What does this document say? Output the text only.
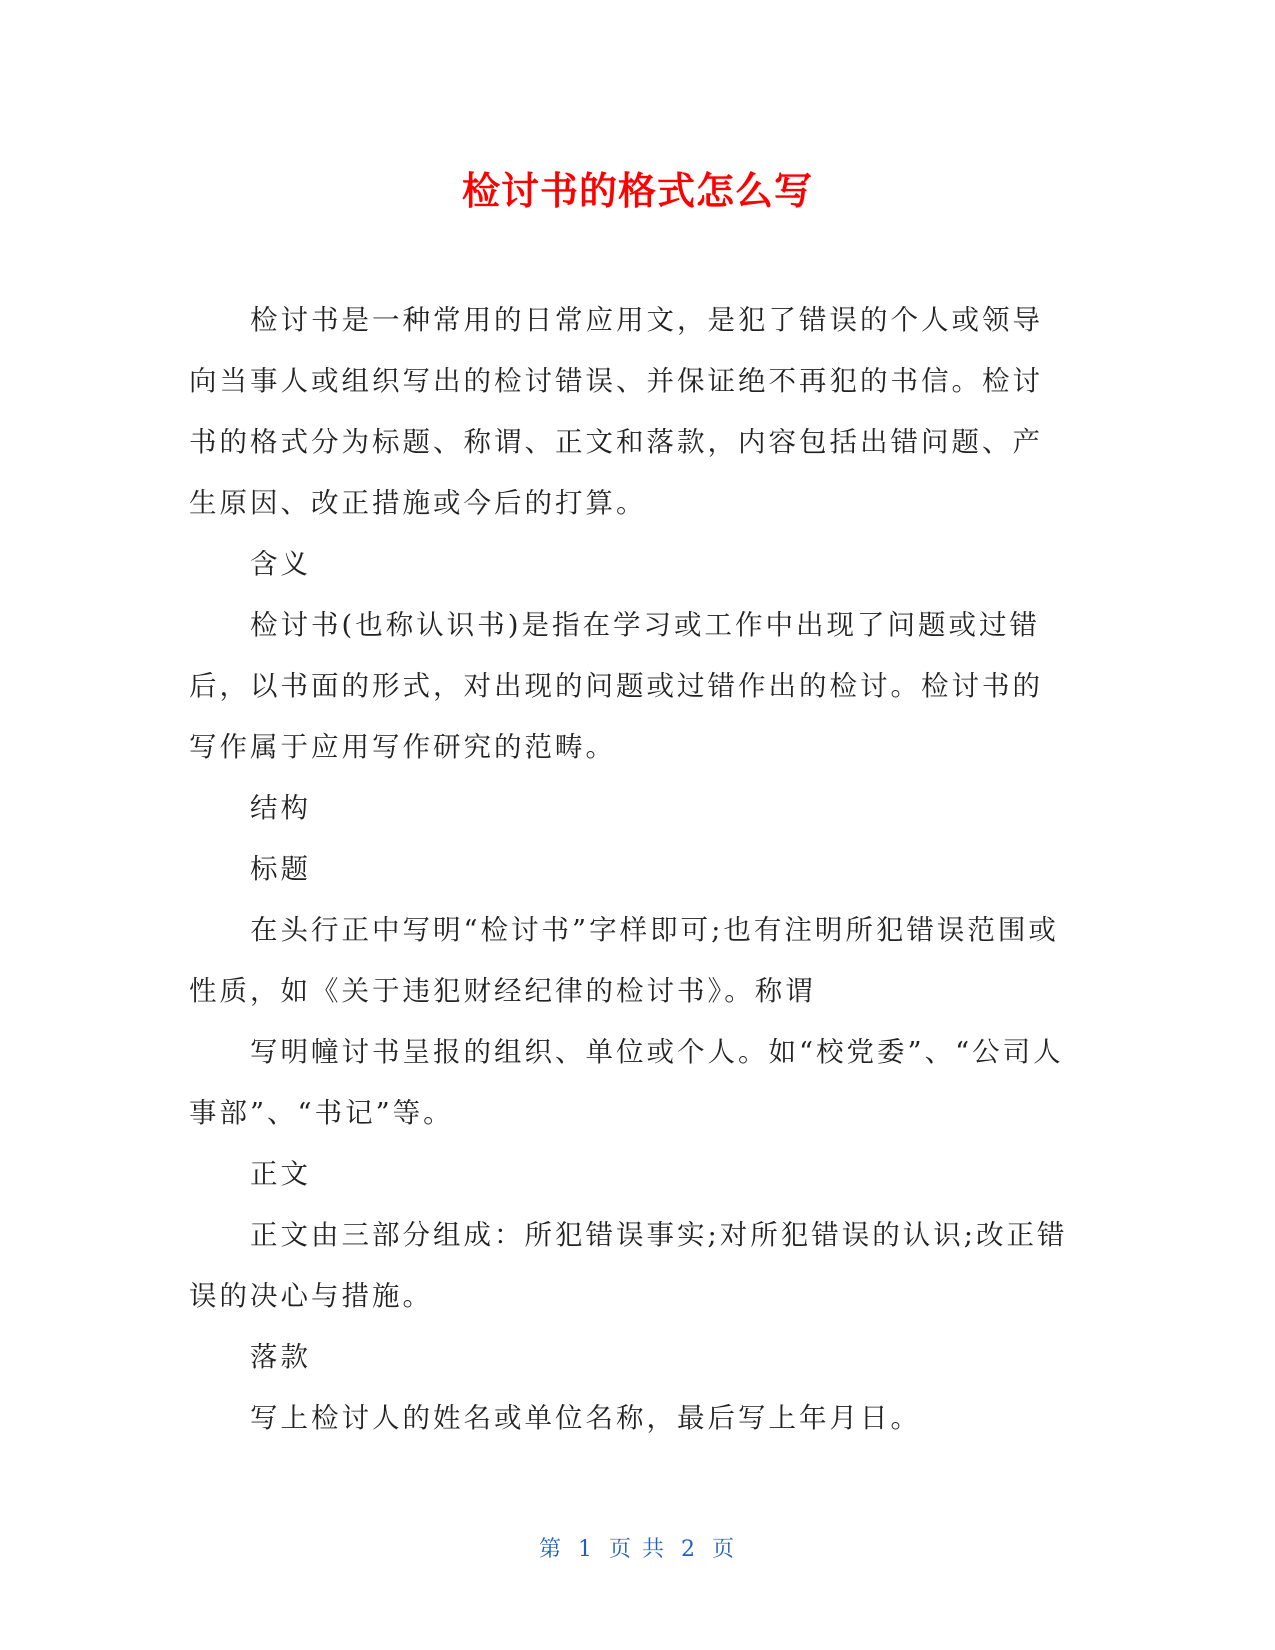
检讨书的格式怎么写

检讨书是一种常用的日常应用文，是犯了错误的个人或领导向当事人或组织写出的检讨错误、并保证绝不再犯的书信。检讨书的格式分为标题、称谓、正文和落款，内容包括出错问题、产生原因、改正措施或今后的打算。

含义

检讨书(也称认识书)是指在学习或工作中出现了问题或过错后，以书面的形式，对出现的问题或过错作出的检讨。检讨书的写作属于应用写作研究的范畴。

结构

标题

在头行正中写明“检讨书”字样即可;也有注明所犯错误范围或性质，如《关于违犯财经纪律的检讨书》。称谓

写明幢讨书呈报的组织、单位或个人。如“校党委”、“公司人事部”、“书记”等。

正文

正文由三部分组成：所犯错误事实;对所犯错误的认识;改正错误的决心与措施。

落款

写上检讨人的姓名或单位名称，最后写上年月日。

第 1 页 共 2 页
